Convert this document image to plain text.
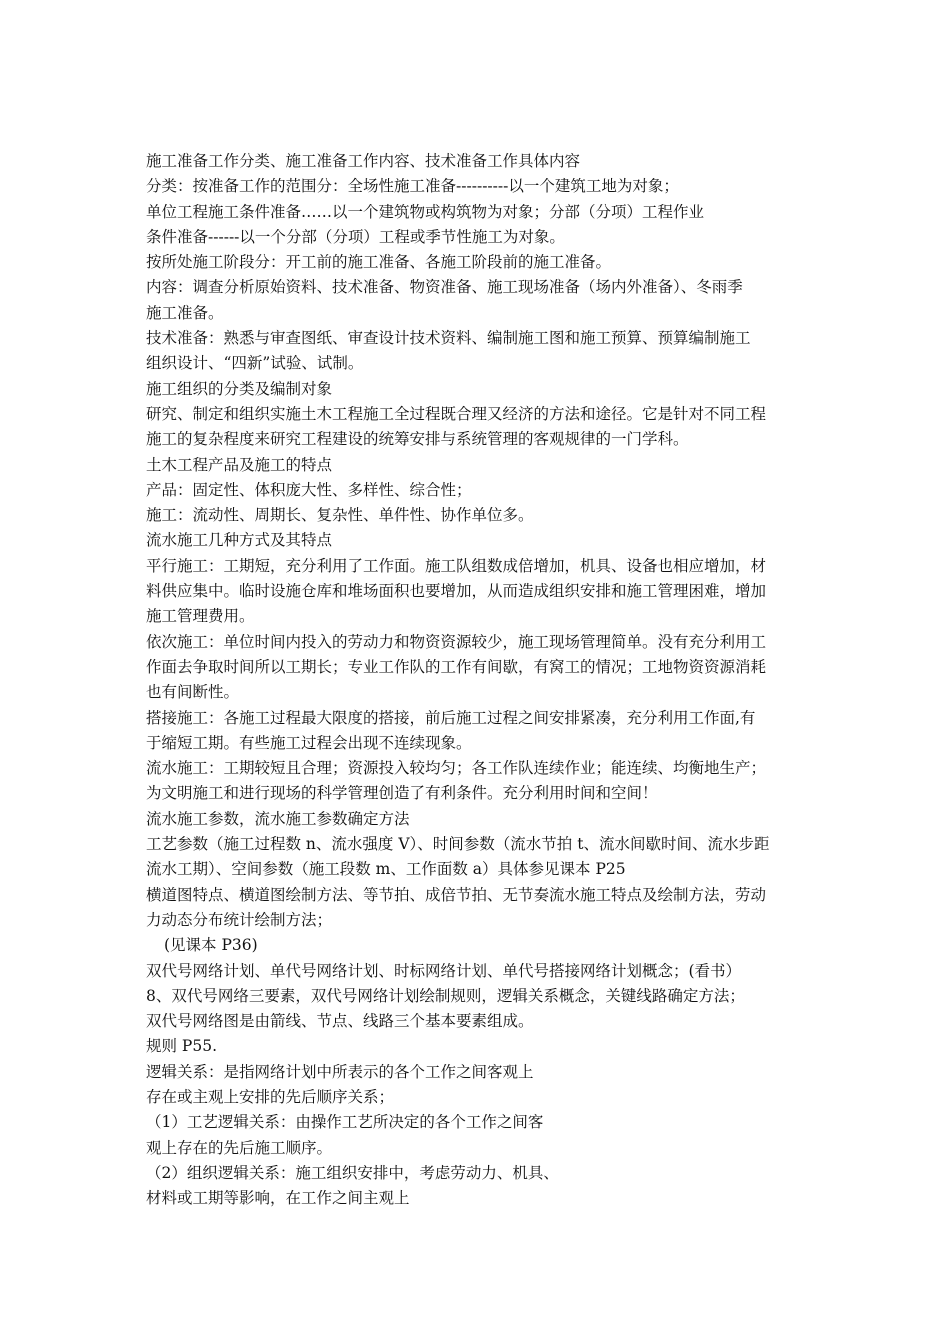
施工准备工作分类、施工准备工作内容、技术准备工作具体内容
分类：按准备工作的范围分：全场性施工准备----------以一个建筑工地为对象；
单位工程施工条件准备……以一个建筑物或构筑物为对象；分部（分项）工程作业
条件准备------以一个分部（分项）工程或季节性施工为对象。
按所处施工阶段分：开工前的施工准备、各施工阶段前的施工准备。
内容：调查分析原始资料、技术准备、物资准备、施工现场准备（场内外准备）、冬雨季
施工准备。
技术准备：熟悉与审查图纸、审查设计技术资料、编制施工图和施工预算、预算编制施工
组织设计、“四新”试验、试制。
施工组织的分类及编制对象
研究、制定和组织实施土木工程施工全过程既合理又经济的方法和途径。它是针对不同工程
施工的复杂程度来研究工程建设的统筹安排与系统管理的客观规律的一门学科。
土木工程产品及施工的特点
产品：固定性、体积庞大性、多样性、综合性；
施工：流动性、周期长、复杂性、单件性、协作单位多。
流水施工几种方式及其特点
平行施工：工期短，充分利用了工作面。施工队组数成倍增加，机具、设备也相应增加，材
料供应集中。临时设施仓库和堆场面积也要增加，从而造成组织安排和施工管理困难，增加
施工管理费用。
依次施工：单位时间内投入的劳动力和物资资源较少，施工现场管理简单。没有充分利用工
作面去争取时间所以工期长；专业工作队的工作有间歇，有窝工的情况；工地物资资源消耗
也有间断性。
搭接施工：各施工过程最大限度的搭接，前后施工过程之间安排紧凑，充分利用工作面,有
于缩短工期。有些施工过程会出现不连续现象。
流水施工：工期较短且合理；资源投入较均匀；各工作队连续作业；能连续、均衡地生产；
为文明施工和进行现场的科学管理创造了有利条件。充分利用时间和空间！
流水施工参数，流水施工参数确定方法
工艺参数（施工过程数 n、流水强度 V）、时间参数（流水节拍 t、流水间歇时间、流水步距
流水工期）、空间参数（施工段数 m、工作面数 a）具体参见课本 P25
横道图特点、横道图绘制方法、等节拍、成倍节拍、无节奏流水施工特点及绘制方法，劳动
力动态分布统计绘制方法；
(见课本 P36)
双代号网络计划、单代号网络计划、时标网络计划、单代号搭接网络计划概念；(看书）
8、双代号网络三要素，双代号网络计划绘制规则，逻辑关系概念，关键线路确定方法；
双代号网络图是由箭线、节点、线路三个基本要素组成。
规则 P55.
逻辑关系：是指网络计划中所表示的各个工作之间客观上
存在或主观上安排的先后顺序关系；
（1）工艺逻辑关系：由操作工艺所决定的各个工作之间客
观上存在的先后施工顺序。
（2）组织逻辑关系：施工组织安排中，考虑劳动力、机具、
材料或工期等影响，在工作之间主观上
